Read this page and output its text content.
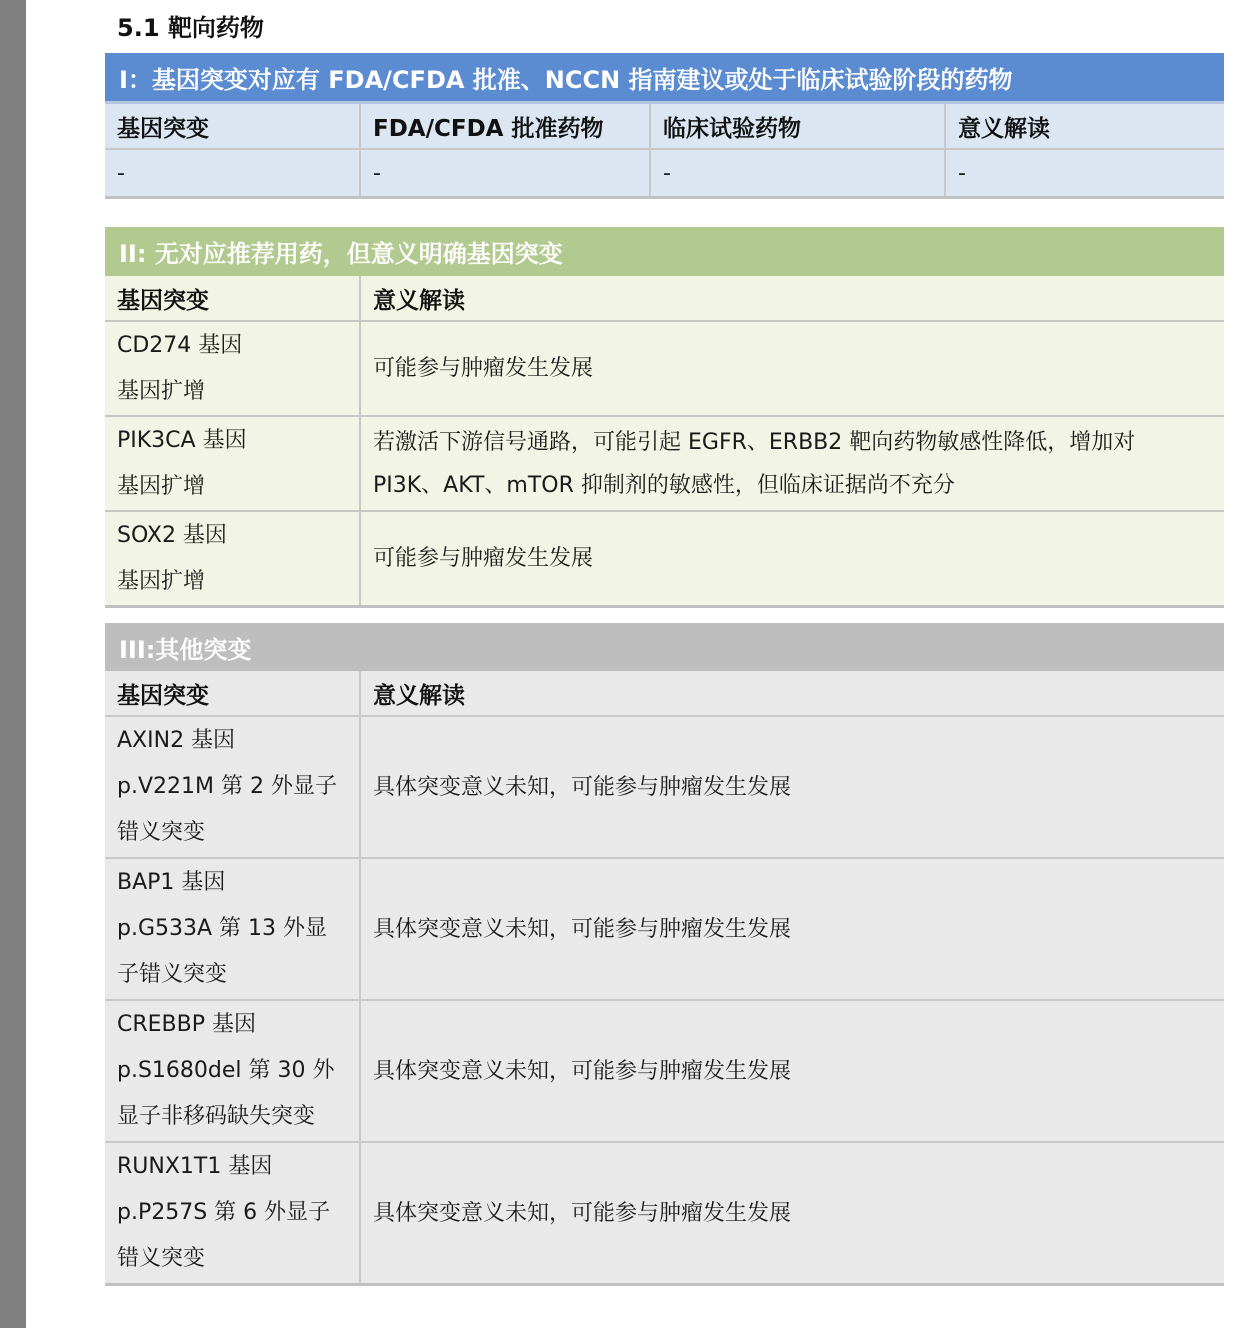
5.1 靶向药物
I：基因突变对应有 FDA/CFDA 批准、NCCN 指南建议或处于临床试验阶段的药物			
基因突变	FDA/CFDA 批准药物	临床试验药物	意义解读
-	-	-	-
II: 无对应推荐用药，但意义明确基因突变	
基因突变	意义解读

CD274 基因
基因扩增	可能参与肿瘤发生发展

PIK3CA 基因
基因扩增	若激活下游信号通路，可能引起 EGFR、ERBB2 靶向药物敏感性降低，增加对 PI3K、AKT、mTOR 抑制剂的敏感性，但临床证据尚不充分

SOX2 基因
基因扩增	可能参与肿瘤发生发展
III:其他突变	
基因突变	意义解读

AXIN2 基因
p.V221M 第 2 外显子
错义突变	具体突变意义未知，可能参与肿瘤发生发展

BAP1 基因
p.G533A 第 13 外显
子错义突变	具体突变意义未知，可能参与肿瘤发生发展

CREBBP 基因
p.S1680del 第 30 外
显子非移码缺失突变	具体突变意义未知，可能参与肿瘤发生发展

RUNX1T1 基因
p.P257S 第 6 外显子
错义突变	具体突变意义未知，可能参与肿瘤发生发展
